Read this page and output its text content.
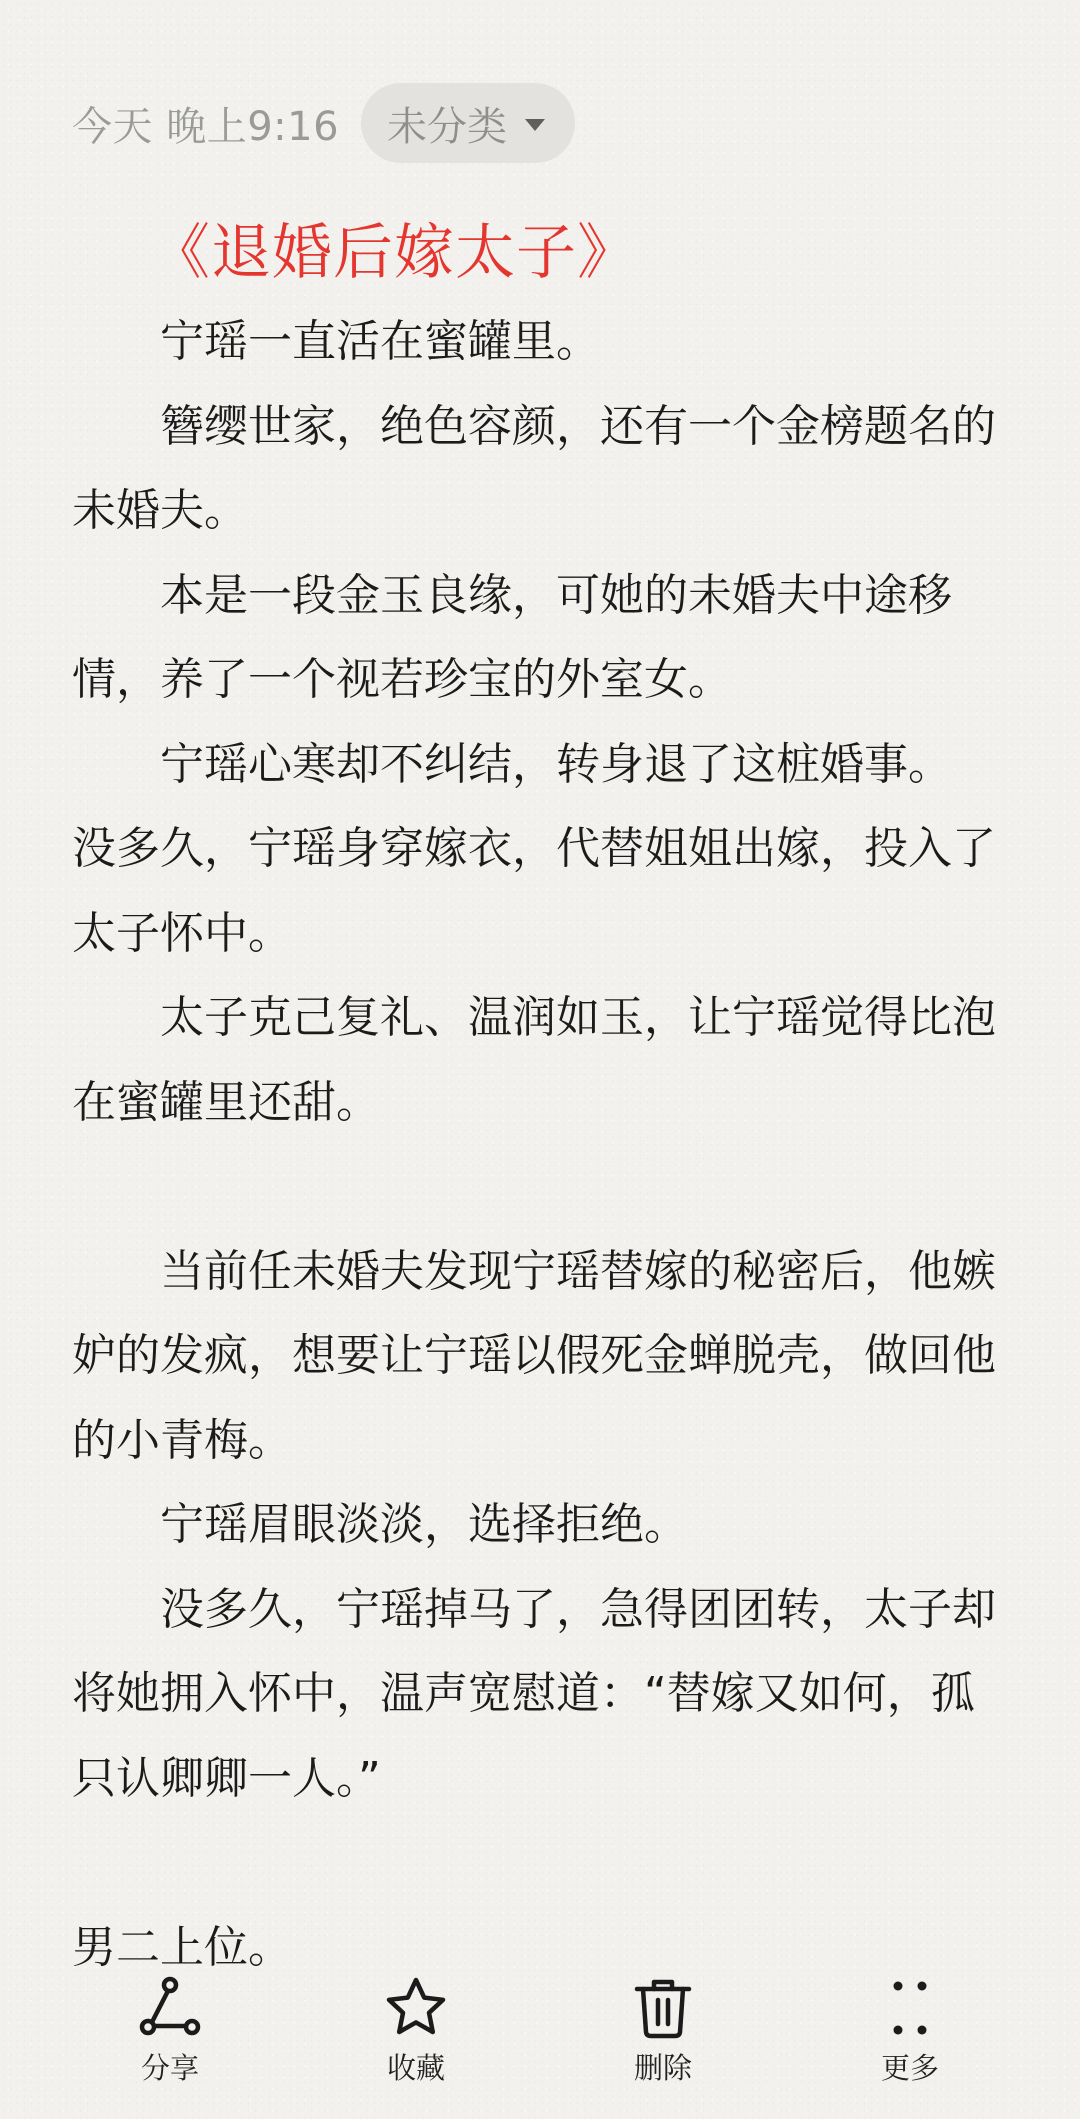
今天 晚上9:16 未分类
《退婚后嫁太子》

宁瑶一直活在蜜罐里。

簪缨世家，绝色容颜，还有一个金榜题名的未婚夫。

本是一段金玉良缘，可她的未婚夫中途移情，养了一个视若珍宝的外室女。

宁瑶心寒却不纠结，转身退了这桩婚事。

没多久，宁瑶身穿嫁衣，代替姐姐出嫁，投入了太子怀中。

太子克己复礼、温润如玉，让宁瑶觉得比泡在蜜罐里还甜。

当前任未婚夫发现宁瑶替嫁的秘密后，他嫉妒的发疯，想要让宁瑶以假死金蝉脱壳，做回他的小青梅。

宁瑶眉眼淡淡，选择拒绝。

没多久，宁瑶掉马了，急得团团转，太子却将她拥入怀中，温声宽慰道：“替嫁又如何，孤只认卿卿一人。”

男二上位。

分享	收藏	删除	更多
